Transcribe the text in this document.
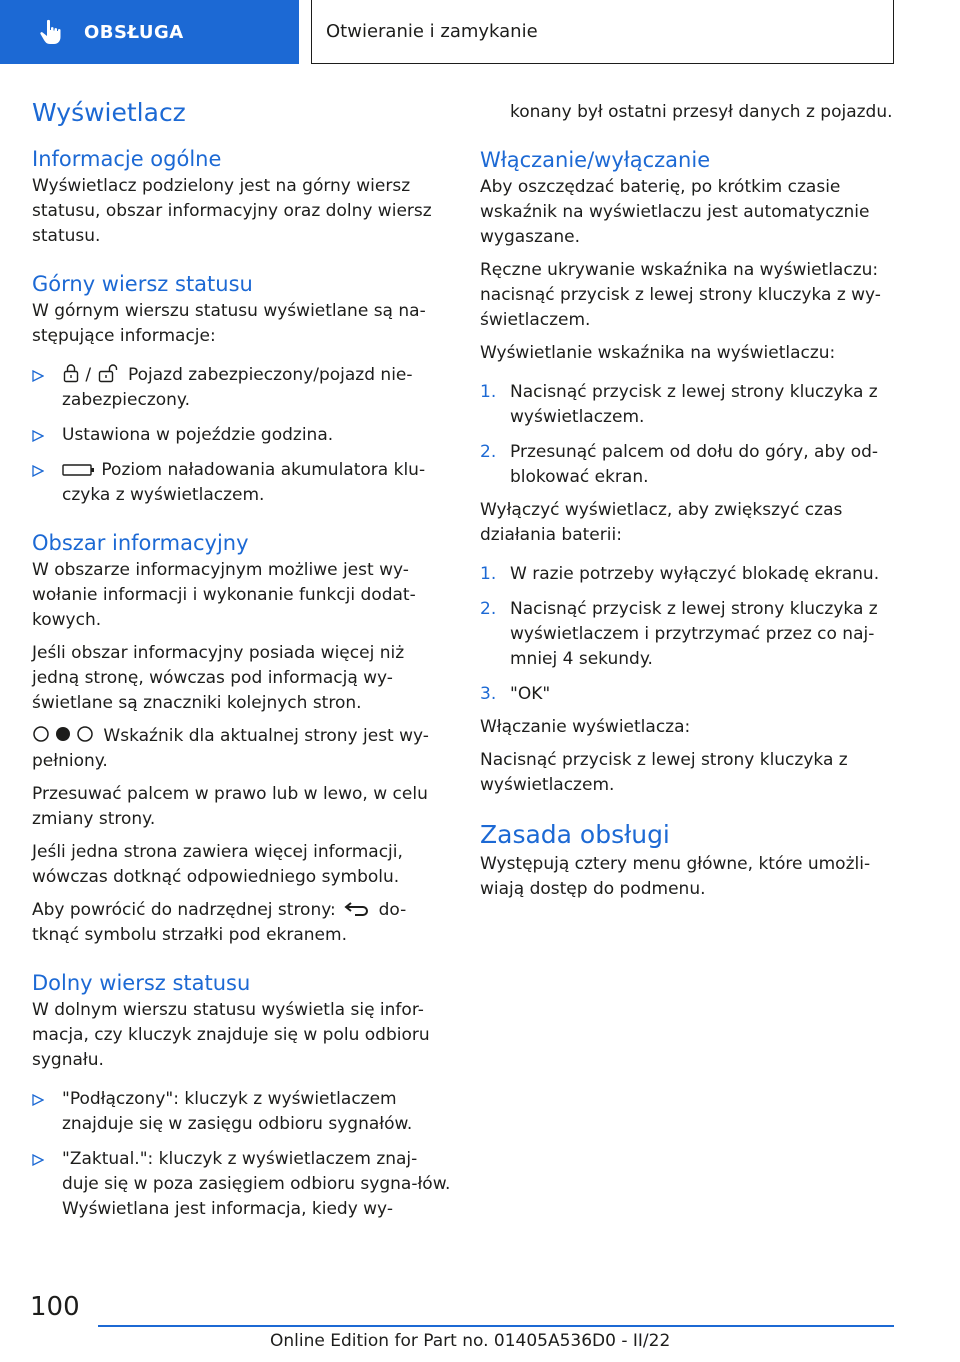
OBSŁUGA	Otwieranie i zamykanie
Wyświetlacz
Informacje ogólne

Wyświetlacz podzielony jest na górny wiersz statusu, obszar informacyjny oraz dolny wiersz statusu.

Górny wiersz statusu

W górnym wierszu statusu wyświetlane są na-stępujące informacje:

/ Pojazd zabezpieczony/pojazd nie-zabezpieczony.
Ustawiona w pojeździe godzina.
Poziom naładowania akumulatora klu-czyka z wyświetlaczem.
Obszar informacyjny

W obszarze informacyjnym możliwe jest wy-wołanie informacji i wykonanie funkcji dodat-kowych.

Jeśli obszar informacyjny posiada więcej niż jedną stronę, wówczas pod informacją wy-świetlane są znaczniki kolejnych stron.

Wskaźnik dla aktualnej strony jest wy-pełniony.

Przesuwać palcem w prawo lub w lewo, w celu zmiany strony.

Jeśli jedna strona zawiera więcej informacji, wówczas dotknąć odpowiedniego symbolu.

Aby powrócić do nadrzędnej strony:	do-tknąć symbolu strzałki pod ekranem.

Dolny wiersz statusu

W dolnym wierszu statusu wyświetla się infor-macja, czy kluczyk znajduje się w polu odbioru sygnału.

"Podłączony": kluczyk z wyświetlaczem znajduje się w zasięgu odbioru sygnałów.
"Zaktual.": kluczyk z wyświetlaczem znaj-duje się w poza zasięgiem odbioru sygna-łów. Wyświetlana jest informacja, kiedy wy-

konany był ostatni przesył danych z pojazdu.

Włączanie/wyłączanie

Aby oszczędzać baterię, po krótkim czasie wskaźnik na wyświetlaczu jest automatycznie wygaszane.

Ręczne ukrywanie wskaźnika na wyświetlaczu: nacisnąć przycisk z lewej strony kluczyka z wy-świetlaczem.

Wyświetlanie wskaźnika na wyświetlaczu:

1. Nacisnąć przycisk z lewej strony kluczyka z wyświetlaczem.
2. Przesunąć palcem od dołu do góry, aby od-blokować ekran.

Wyłączyć wyświetlacz, aby zwiększyć czas działania baterii:

1. W razie potrzeby wyłączyć blokadę ekranu.
2. Nacisnąć przycisk z lewej strony kluczyka z wyświetlaczem i przytrzymać przez co naj-mniej 4 sekundy.
3. "OK"

Włączanie wyświetlacza:

Nacisnąć przycisk z lewej strony kluczyka z wyświetlaczem.

Zasada obsługi

Występują cztery menu główne, które umożli-wiają dostęp do podmenu.

100
Online Edition for Part no. 01405A536D0 - II/22
